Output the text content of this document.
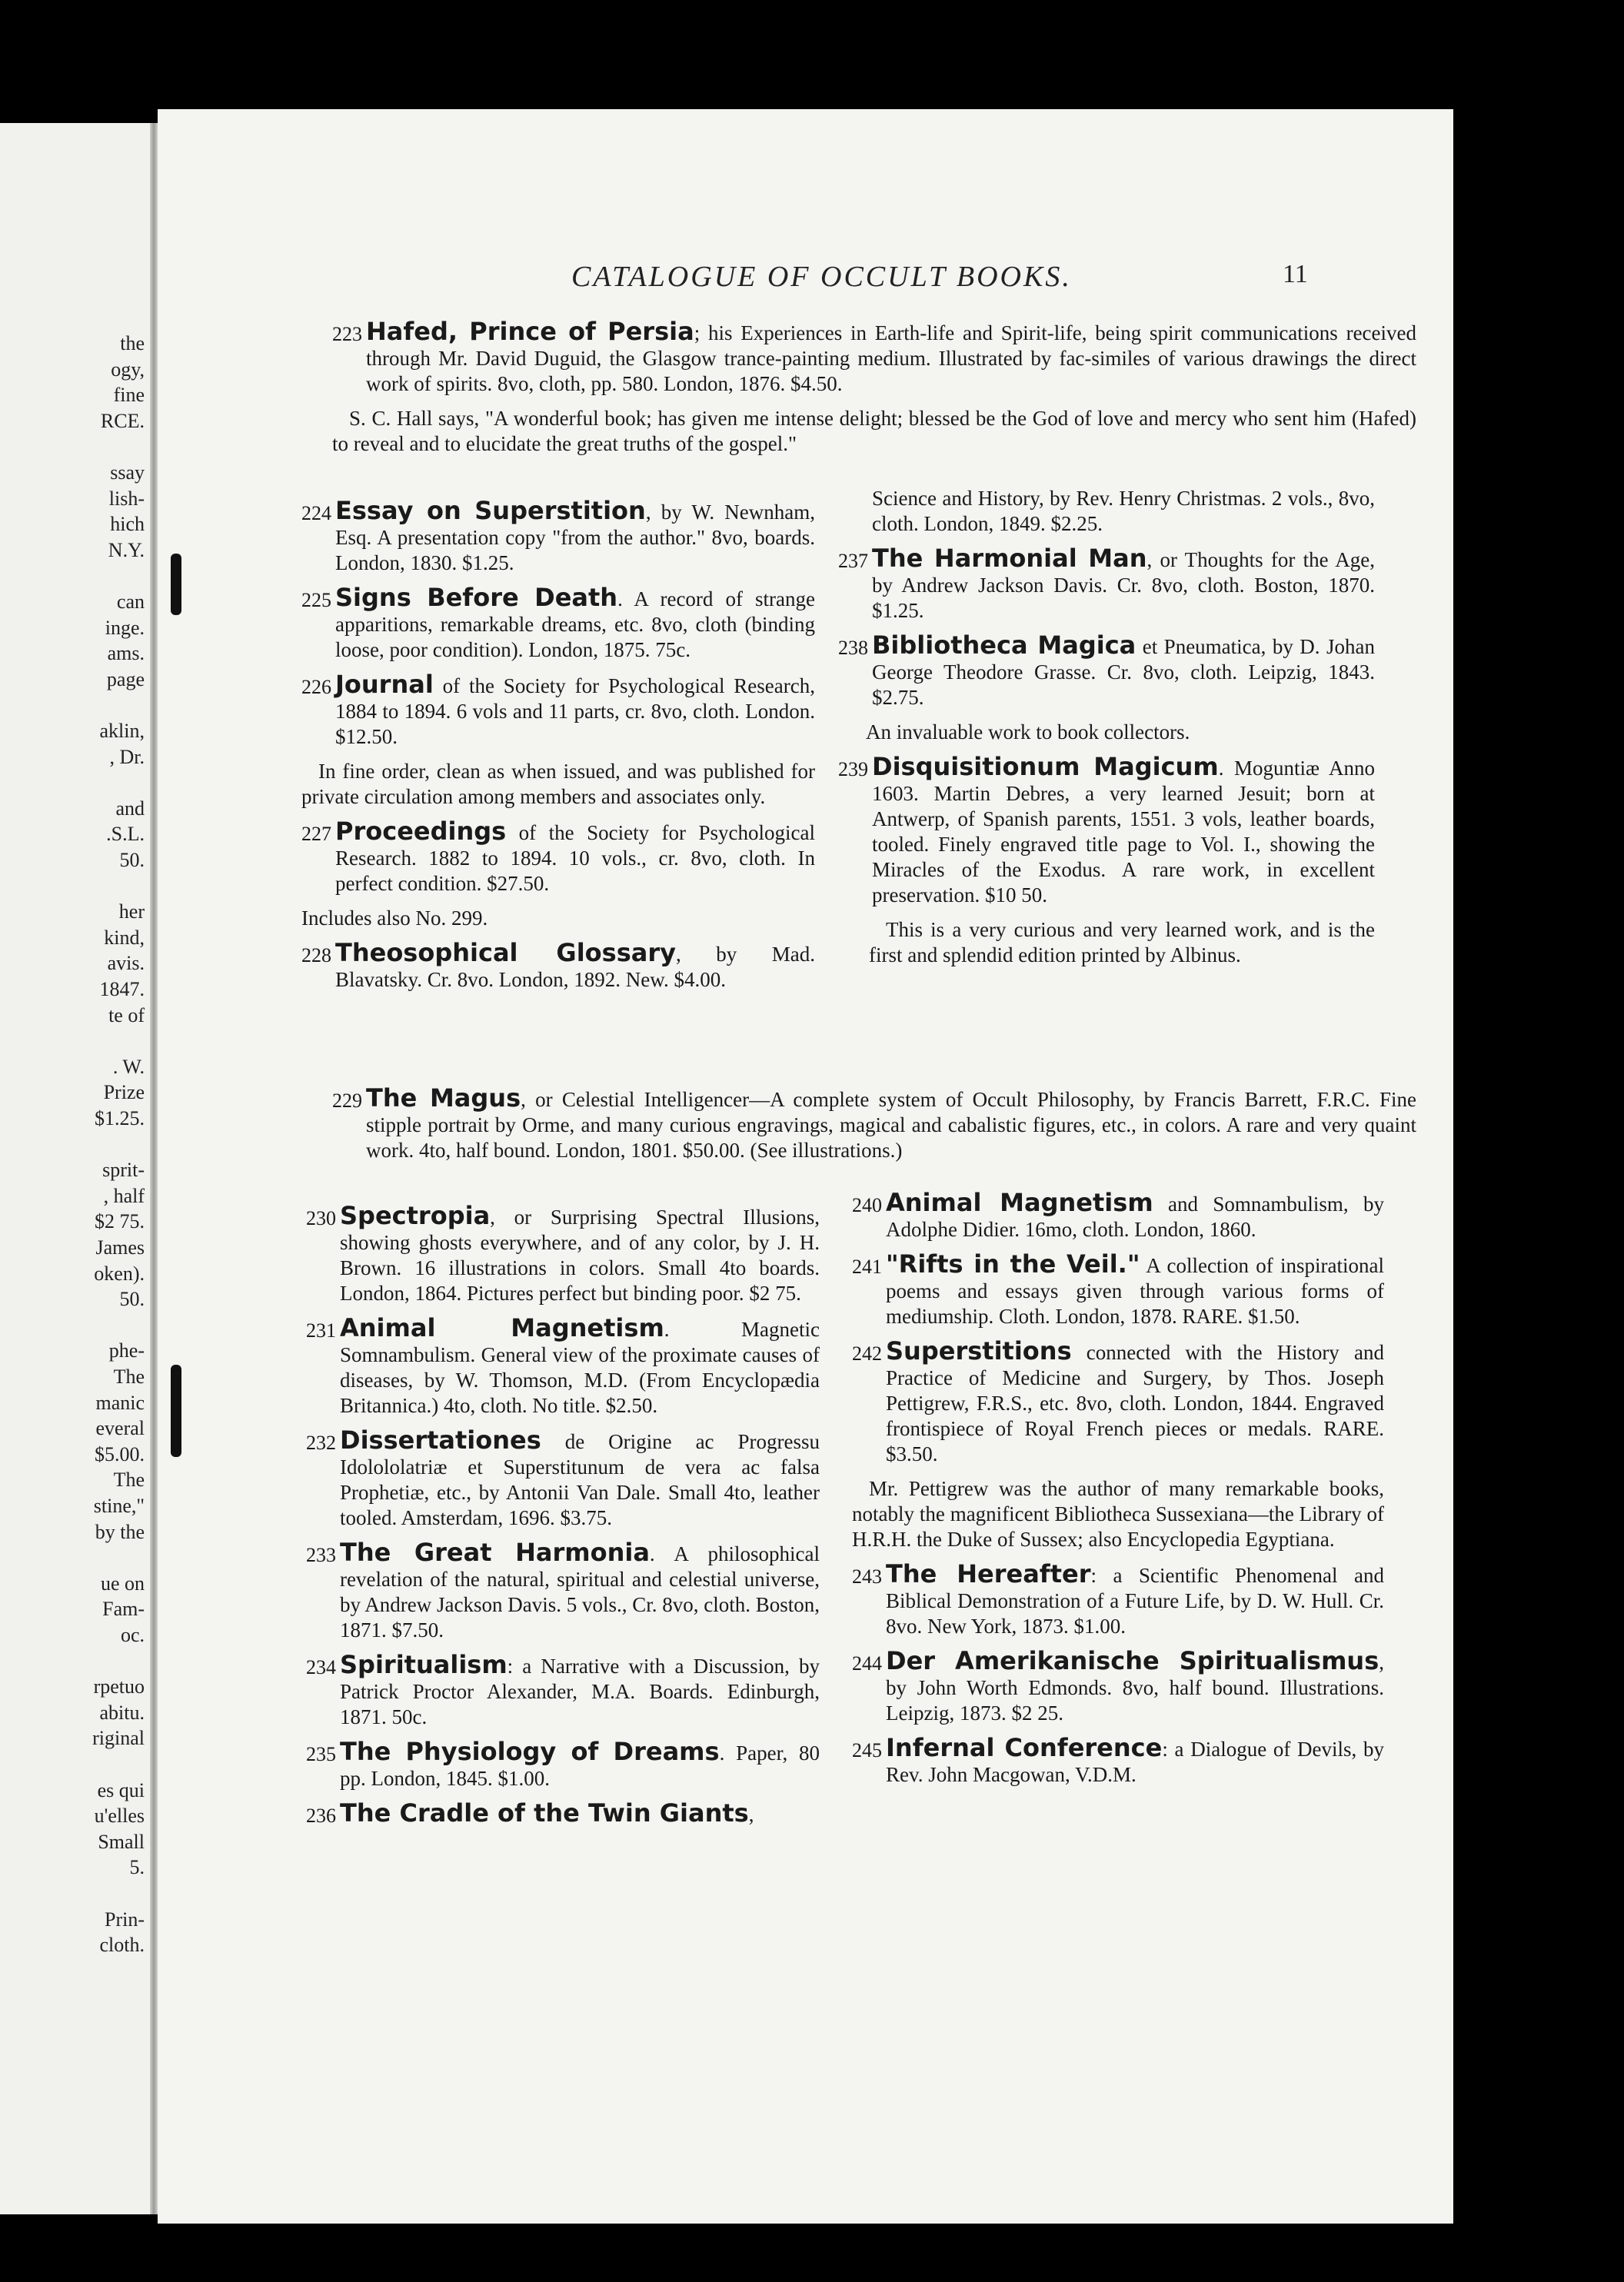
the
ogy,
fine
RCE.
ssay
lish-
hich
N.Y.
can
inge.
ams.
page
aklin,
, Dr.
and
.S.L.
50.
her
kind,
avis.
1847.
te of
. W.
Prize
$1.25.
sprit-
, half
$2 75.
James
oken).
50.
phe-
The
manic
everal
$5.00.
The
stine,"
by the
ue on
Fam-
oc.
rpetuo
abitu.
riginal
es qui
u'elles
Small
5.
Prin-
cloth.
CATALOGUE OF OCCULT BOOKS.	11
223 Hafed, Prince of Persia; his Experiences in Earth-life and Spirit-life, being spirit communications received through Mr. David Duguid, the Glasgow trance-painting medium. Illustrated by fac-similes of various drawings the direct work of spirits. 8vo, cloth, pp. 580. London, 1876. $4.50.

S. C. Hall says, "A wonderful book; has given me intense delight; blessed be the God of love and mercy who sent him (Hafed) to reveal and to elucidate the great truths of the gospel."

224 Essay on Superstition, by W. Newnham, Esq. A presentation copy "from the author." 8vo, boards. London, 1830. $1.25.
225 Signs Before Death. A record of strange apparitions, remarkable dreams, etc. 8vo, cloth (binding loose, poor condition). London, 1875. 75c.
226 Journal of the Society for Psychological Research, 1884 to 1894. 6 vols and 11 parts, cr. 8vo, cloth. London. $12.50.

In fine order, clean as when issued, and was published for private circulation among members and associates only.

227 Proceedings of the Society for Psychological Research. 1882 to 1894. 10 vols., cr. 8vo, cloth. In perfect condition. $27.50.

Includes also No. 299.

228 Theosophical Glossary, by Mad. Blavatsky. Cr. 8vo. London, 1892. New. $4.00.
Science and History, by Rev. Henry Christmas. 2 vols., 8vo, cloth. London, 1849. $2.25.
237 The Harmonial Man, or Thoughts for the Age, by Andrew Jackson Davis. Cr. 8vo, cloth. Boston, 1870. $1.25.
238 Bibliotheca Magica et Pneumatica, by D. Johan George Theodore Grasse. Cr. 8vo, cloth. Leipzig, 1843. $2.75.

An invaluable work to book collectors.

239 Disquisitionum Magicum. Moguntiæ Anno 1603. Martin Debres, a very learned Jesuit; born at Antwerp, of Spanish parents, 1551. 3 vols, leather boards, tooled. Finely engraved title page to Vol. I., showing the Miracles of the Exodus. A rare work, in excellent preservation. $10 50.

This is a very curious and very learned work, and is the first and splendid edition printed by Albinus.

229 The Magus, or Celestial Intelligencer—A complete system of Occult Philosophy, by Francis Barrett, F.R.C. Fine stipple portrait by Orme, and many curious engravings, magical and cabalistic figures, etc., in colors. A rare and very quaint work. 4to, half bound. London, 1801. $50.00. (See illustrations.)
230 Spectropia, or Surprising Spectral Illusions, showing ghosts everywhere, and of any color, by J. H. Brown. 16 illustrations in colors. Small 4to boards. London, 1864. Pictures perfect but binding poor. $2 75.
231 Animal Magnetism. Magnetic Somnambulism. General view of the proximate causes of diseases, by W. Thomson, M.D. (From Encyclopædia Britannica.) 4to, cloth. No title. $2.50.
232 Dissertationes de Origine ac Progressu Idolololatriæ et Superstitunum de vera ac falsa Prophetiæ, etc., by Antonii Van Dale. Small 4to, leather tooled. Amsterdam, 1696. $3.75.
233 The Great Harmonia. A philosophical revelation of the natural, spiritual and celestial universe, by Andrew Jackson Davis. 5 vols., Cr. 8vo, cloth. Boston, 1871. $7.50.
234 Spiritualism: a Narrative with a Discussion, by Patrick Proctor Alexander, M.A. Boards. Edinburgh, 1871. 50c.
235 The Physiology of Dreams. Paper, 80 pp. London, 1845. $1.00.
236 The Cradle of the Twin Giants,
240 Animal Magnetism and Somnambulism, by Adolphe Didier. 16mo, cloth. London, 1860.
241 "Rifts in the Veil." A collection of inspirational poems and essays given through various forms of mediumship. Cloth. London, 1878. RARE. $1.50.
242 Superstitions connected with the History and Practice of Medicine and Surgery, by Thos. Joseph Pettigrew, F.R.S., etc. 8vo, cloth. London, 1844. Engraved frontispiece of Royal French pieces or medals. RARE. $3.50.

Mr. Pettigrew was the author of many remarkable books, notably the magnificent Bibliotheca Sussexiana—the Library of H.R.H. the Duke of Sussex; also Encyclopedia Egyptiana.

243 The Hereafter: a Scientific Phenomenal and Biblical Demonstration of a Future Life, by D. W. Hull. Cr. 8vo. New York, 1873. $1.00.
244 Der Amerikanische Spiritualismus, by John Worth Edmonds. 8vo, half bound. Illustrations. Leipzig, 1873. $2 25.
245 Infernal Conference: a Dialogue of Devils, by Rev. John Macgowan, V.D.M.
